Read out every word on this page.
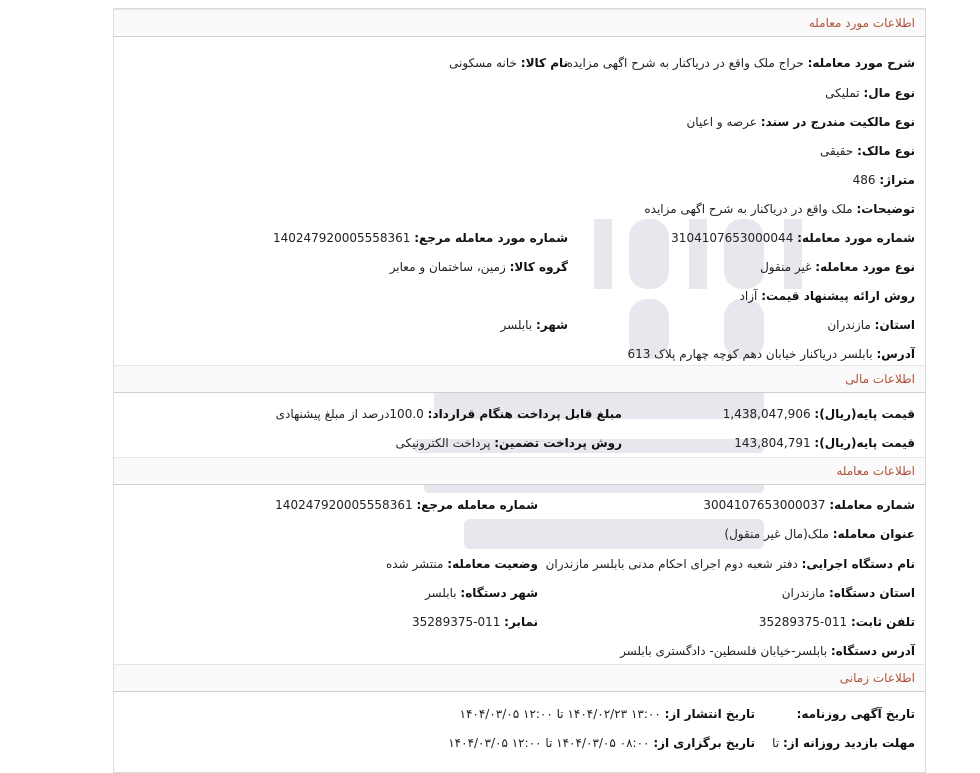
اطلاعات مورد معامله
شرح مورد معامله: حراج ملک واقع در درياکنار به شرح اگهی مزايده
نام کالا: خانه مسکونی
نوع مال: تمليکی
نوع مالکيت مندرج در سند: عرصه و اعيان
نوع مالک: حقيقی
متراژ: 486
توضيحات: ملک واقع در درياکنار به شرح اگهی مزايده
شماره مورد معامله: 3104107653000044
شماره مورد معامله مرجع: 140247920005558361
نوع مورد معامله: غير منقول
گروه کالا: زمين، ساختمان و معابر
روش ارائه پيشنهاد قيمت: آزاد
استان: مازندران
شهر: بابلسر
آدرس: بابلسر درياکنار خيابان دهم کوچه چهارم پلاک 613
اطلاعات مالی
قيمت پايه(ريال): 1,438,047,906
مبلغ قابل پرداخت هنگام قرارداد: 100.0درصد از مبلغ پيشنهادی
قيمت پايه(ريال): 143,804,791
روش پرداخت تضمين: پرداخت الکترونيکی
اطلاعات معامله
شماره معامله: 3004107653000037
شماره معامله مرجع: 140247920005558361
عنوان معامله: ملک(مال غير منقول)
نام دستگاه اجرايی: دفتر شعبه دوم اجرای احکام مدنی بابلسر مازندران
وضعيت معامله: منتشر شده
استان دستگاه: مازندران
شهر دستگاه: بابلسر
تلفن ثابت: 35289375-011
نمابر: 35289375-011
آدرس دستگاه: بابلسر-خيابان فلسطين- دادگستری بابلسر
اطلاعات زمانی
تاريخ آگهی روزنامه:
تاريخ انتشار از: ۱۳:۰۰ ۱۴۰۴/۰۲/۲۳ تا ۱۲:۰۰ ۱۴۰۴/۰۳/۰۵
مهلت بازديد روزانه از: تا
تاريخ برگزاری از: ۰۸:۰۰ ۱۴۰۴/۰۳/۰۵ تا ۱۲:۰۰ ۱۴۰۴/۰۳/۰۵
